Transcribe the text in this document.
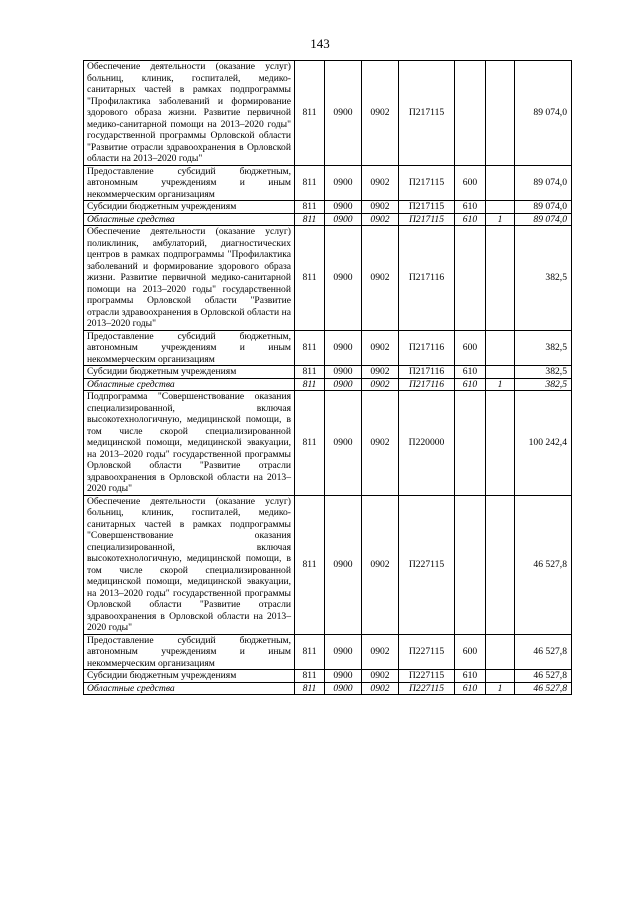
143
Обеспечение деятельности (оказание услуг) больниц, клиник, госпиталей, медико-санитарных частей в рамках подпрограммы "Профилактика заболеваний и формирование здорового образа жизни. Развитие первичной медико-санитарной помощи на 2013–2020 годы" государственной программы Орловской области "Развитие отрасли здравоохранения в Орловской области на 2013–2020 годы"	811	0900	0902	П217115			89 074,0
Предоставление субсидий бюджетным, автономным учреждениям и иным некоммерческим организациям	811	0900	0902	П217115	600		89 074,0
Субсидии бюджетным учреждениям	811	0900	0902	П217115	610		89 074,0
Областные средства	811	0900	0902	П217115	610	1	89 074,0
Обеспечение деятельности (оказание услуг) поликлиник, амбулаторий, диагностических центров в рамках подпрограммы "Профилактика заболеваний и формирование здорового образа жизни. Развитие первичной медико-санитарной помощи на 2013–2020 годы" государственной программы Орловской области "Развитие отрасли здравоохранения в Орловской области на 2013–2020 годы"	811	0900	0902	П217116			382,5
Предоставление субсидий бюджетным, автономным учреждениям и иным некоммерческим организациям	811	0900	0902	П217116	600		382,5
Субсидии бюджетным учреждениям	811	0900	0902	П217116	610		382,5
Областные средства	811	0900	0902	П217116	610	1	382,5
Подпрограмма "Совершенствование оказания специализированной, включая высокотехнологичную, медицинской помощи, в том числе скорой специализированной медицинской помощи, медицинской эвакуации, на 2013–2020 годы" государственной программы Орловской области "Развитие отрасли здравоохранения в Орловской области на 2013–2020 годы"	811	0900	0902	П220000			100 242,4
Обеспечение деятельности (оказание услуг) больниц, клиник, госпиталей, медико-санитарных частей в рамках подпрограммы "Совершенствование оказания специализированной, включая высокотехнологичную, медицинской помощи, в том числе скорой специализированной медицинской помощи, медицинской эвакуации, на 2013–2020 годы" государственной программы Орловской области "Развитие отрасли здравоохранения в Орловской области на 2013–2020 годы"	811	0900	0902	П227115			46 527,8
Предоставление субсидий бюджетным, автономным учреждениям и иным некоммерческим организациям	811	0900	0902	П227115	600		46 527,8
Субсидии бюджетным учреждениям	811	0900	0902	П227115	610		46 527,8
Областные средства	811	0900	0902	П227115	610	1	46 527,8
